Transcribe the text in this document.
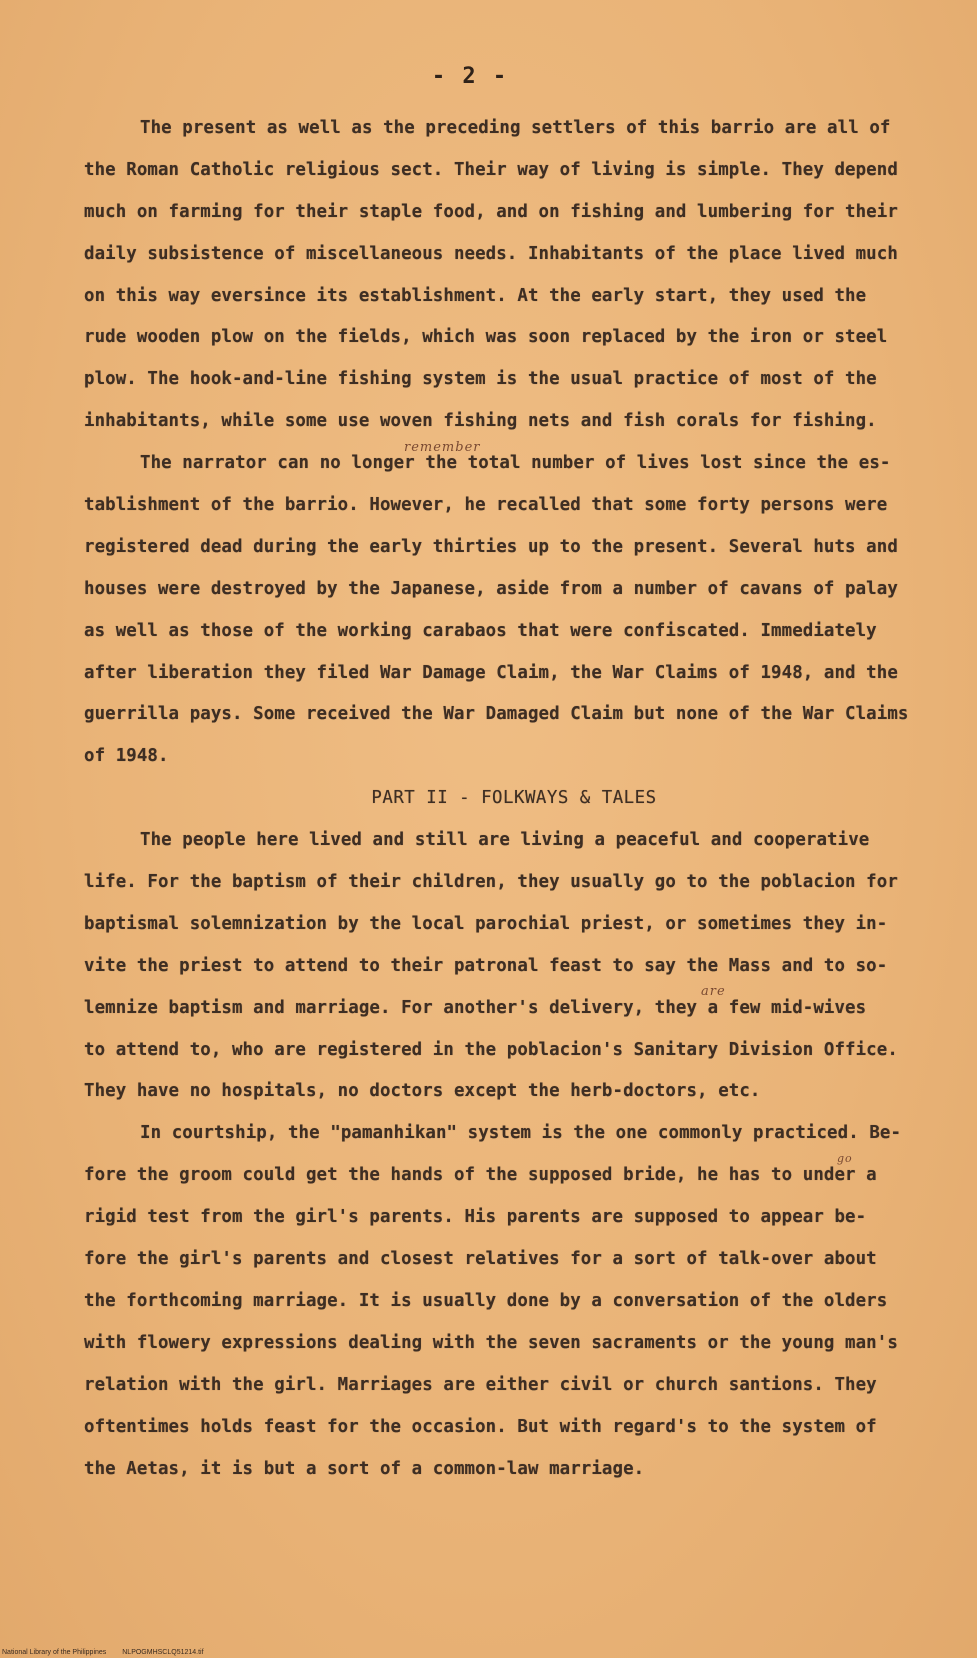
- 2 -
The present as well as the preceding settlers of this barrio are all of
the Roman Catholic religious sect. Their way of living is simple. They depend
much on farming for their staple food, and on fishing and lumbering for their
daily subsistence of miscellaneous needs. Inhabitants of the place lived much
on this way eversince its establishment. At the early start, they used the
rude wooden plow on the fields, which was soon replaced by the iron or steel
plow. The hook-and-line fishing system is the usual practice of most of the
inhabitants, while some use woven fishing nets and fish corals for fishing.
remember
The narrator can no longer the total number of lives lost since the es-
tablishment of the barrio. However, he recalled that some forty persons were
registered dead during the early thirties up to the present. Several huts and
houses were destroyed by the Japanese, aside from a number of cavans of palay
as well as those of the working carabaos that were confiscated. Immediately
after liberation they filed War Damage Claim, the War Claims of 1948, and the
guerrilla pays. Some received the War Damaged Claim but none of the War Claims
of 1948.
PART II - FOLKWAYS & TALES
The people here lived and still are living a peaceful and cooperative
life. For the baptism of their children, they usually go to the poblacion for
baptismal solemnization by the local parochial priest, or sometimes they in-
vite the priest to attend to their patronal feast to say the Mass and to so-
are
lemnize baptism and marriage. For another's delivery, they a few mid-wives
to attend to, who are registered in the poblacion's Sanitary Division Office.
They have no hospitals, no doctors except the herb-doctors, etc.
In courtship, the "pamanhikan" system is the one commonly practiced. Be-
go
fore the groom could get the hands of the supposed bride, he has to under a
rigid test from the girl's parents. His parents are supposed to appear be-
fore the girl's parents and closest relatives for a sort of talk-over about
the forthcoming marriage. It is usually done by a conversation of the olders
with flowery expressions dealing with the seven sacraments or the young man's
relation with the girl. Marriages are either civil or church santions. They
oftentimes holds feast for the occasion. But with regard's to the system of
the Aetas, it is but a sort of a common-law marriage.
National Library of the Philippines NLPOGMHSCLQ51214.tif
